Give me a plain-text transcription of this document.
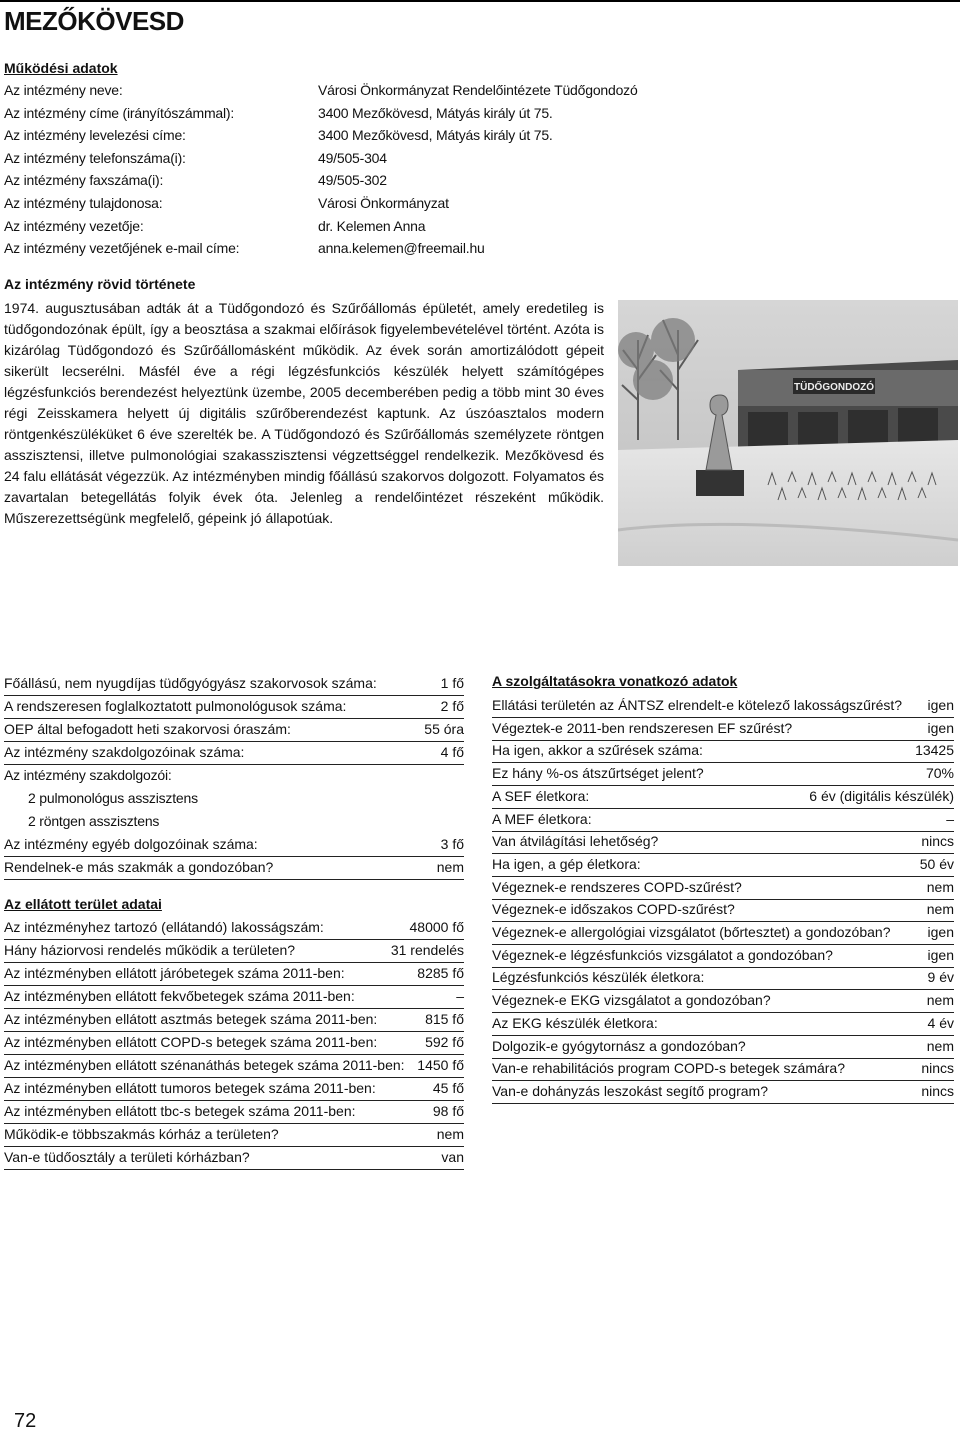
MEZŐKÖVESD
Működési adatok
Az intézmény rövid története

1974. augusztusában adták át a Tüdőgondozó és Szűrőállomás épületét, amely eredetileg is tüdőgondozónak épült, így a beosztása a szakmai előírások figyelembevételével történt. Azóta is kizárólag Tüdőgondozó és Szűrőállomásként működik. Az évek során amortizálódott gépeit sikerült lecserélni. Másfél éve a régi légzésfunkciós készülék helyett számítógépes légzésfunkciós berendezést helyeztünk üzembe, 2005 decemberében pedig a több mint 30 éves régi Zeisskamera helyett új digitális szűrőberendezést kaptunk. Az úszóasztalos modern röntgenkészüléküket 6 éve szerelték be. A Tüdőgondozó és Szűrőállomás személyzete röntgen asszisztensi, illetve pulmonológiai szakasszisztensi végzettséggel rendelkezik. Mezőkövesd és 24 falu ellátását végezzük. Az intézményben mindig főállású szakorvos dolgozott. Folyamatos és zavartalan betegellátás folyik évek óta. Jelenleg a rendelőintézet részeként működik. Műszerezettségünk megfelelő, gépeink jó állapotúak.

TÜDŐGONDOZÓ
Az ellátott terület adatai
A szolgáltatásokra vonatkozó adatok
72
Az intézmény neve:	Városi Önkormányzat Rendelőintézete Tüdőgondozó
Az intézmény címe (irányítószámmal):	3400 Mezőkövesd, Mátyás király út 75.
Az intézmény levelezési címe:	3400 Mezőkövesd, Mátyás király út 75.
Az intézmény telefonszáma(i):	49/505-304
Az intézmény faxszáma(i):	49/505-302
Az intézmény tulajdonosa:	Városi Önkormányzat
Az intézmény vezetője:	dr. Kelemen Anna
Az intézmény vezetőjének e-mail címe:	anna.kelemen@freemail.hu
Főállású, nem nyugdíjas tüdőgyógyász szakorvosok száma:	1 fő
A rendszeresen foglalkoztatott pulmonológusok száma:	2 fő
OEP által befogadott heti szakorvosi óraszám:	55 óra
Az intézmény szakdolgozóinak száma:	4 fő
Az intézmény szakdolgozói:
2 pulmonológus asszisztens
2 röntgen asszisztens
Az intézmény egyéb dolgozóinak száma:	3 fő
Rendelnek-e más szakmák a gondozóban?	nem
Az intézményhez tartozó (ellátandó) lakosságszám:	48000 fő
Hány háziorvosi rendelés működik a területen?	31 rendelés
Az intézményben ellátott járóbetegek száma 2011-ben:	8285 fő
Az intézményben ellátott fekvőbetegek száma 2011-ben:	–
Az intézményben ellátott asztmás betegek száma 2011-ben:	815 fő
Az intézményben ellátott COPD-s betegek száma 2011-ben:	592 fő
Az intézményben ellátott szénanáthás betegek száma 2011-ben: 1450 fő
Az intézményben ellátott tumoros betegek száma 2011-ben:	45 fő
Az intézményben ellátott tbc-s betegek száma 2011-ben:	98 fő
Működik-e többszakmás kórház a területen?	nem
Van-e tüdőosztály a területi kórházban?	van
Ellátási területén az ÁNTSZ elrendelt-e kötelező lakosságszűrést? igen
Végeztek-e 2011-ben rendszeresen EF szűrést?	igen
Ha igen, akkor a szűrések száma:	13425
Ez hány %-os átszűrtséget jelent?	70%
A SEF életkora:	6 év (digitális készülék)
A MEF életkora:	–
Van átvilágítási lehetőség?	nincs
Ha igen, a gép életkora:	50 év
Végeznek-e rendszeres COPD-szűrést?	nem
Végeznek-e időszakos COPD-szűrést?	nem
Végeznek-e allergológiai vizsgálatot (bőrtesztet) a gondozóban?	igen
Végeznek-e légzésfunkciós vizsgálatot a gondozóban?	igen
Légzésfunkciós készülék életkora:	9 év
Végeznek-e EKG vizsgálatot a gondozóban?	nem
Az EKG készülék életkora:	4 év
Dolgozik-e gyógytornász a gondozóban?	nem
Van-e rehabilitációs program COPD-s betegek számára?	nincs
Van-e dohányzás leszokást segítő program?	nincs
